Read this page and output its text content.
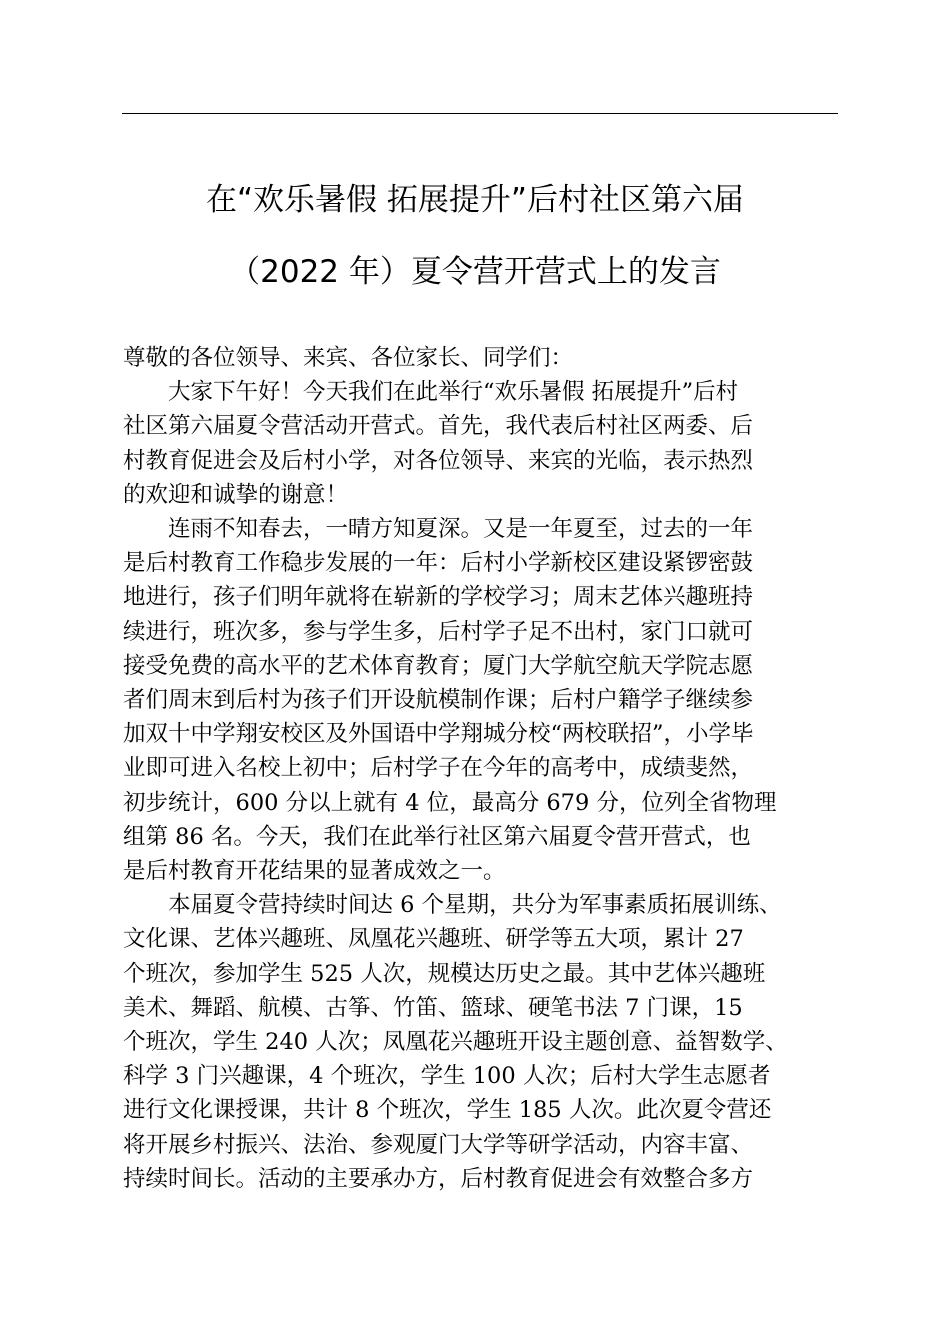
在“欢乐暑假 拓展提升”后村社区第六届
（2022 年）夏令营开营式上的发言

尊敬的各位领导、来宾、各位家长、同学们：

大家下午好！今天我们在此举行“欢乐暑假 拓展提升”后村
社区第六届夏令营活动开营式。首先，我代表后村社区两委、后
村教育促进会及后村小学，对各位领导、来宾的光临，表示热烈
的欢迎和诚挚的谢意！

连雨不知春去，一晴方知夏深。又是一年夏至，过去的一年
是后村教育工作稳步发展的一年：后村小学新校区建设紧锣密鼓
地进行，孩子们明年就将在崭新的学校学习；周末艺体兴趣班持
续进行，班次多，参与学生多，后村学子足不出村，家门口就可
接受免费的高水平的艺术体育教育；厦门大学航空航天学院志愿
者们周末到后村为孩子们开设航模制作课；后村户籍学子继续参
加双十中学翔安校区及外国语中学翔城分校“两校联招”，小学毕
业即可进入名校上初中；后村学子在今年的高考中，成绩斐然，
初步统计，600 分以上就有 4 位，最高分 679 分，位列全省物理
组第 86 名。今天，我们在此举行社区第六届夏令营开营式，也
是后村教育开花结果的显著成效之一。

本届夏令营持续时间达 6 个星期，共分为军事素质拓展训练、
文化课、艺体兴趣班、凤凰花兴趣班、研学等五大项，累计 27
个班次，参加学生 525 人次，规模达历史之最。其中艺体兴趣班
美术、舞蹈、航模、古筝、竹笛、篮球、硬笔书法 7 门课，15
个班次，学生 240 人次；凤凰花兴趣班开设主题创意、益智数学、
科学 3 门兴趣课，4 个班次，学生 100 人次；后村大学生志愿者
进行文化课授课，共计 8 个班次，学生 185 人次。此次夏令营还
将开展乡村振兴、法治、参观厦门大学等研学活动，内容丰富、
持续时间长。活动的主要承办方，后村教育促进会有效整合多方
